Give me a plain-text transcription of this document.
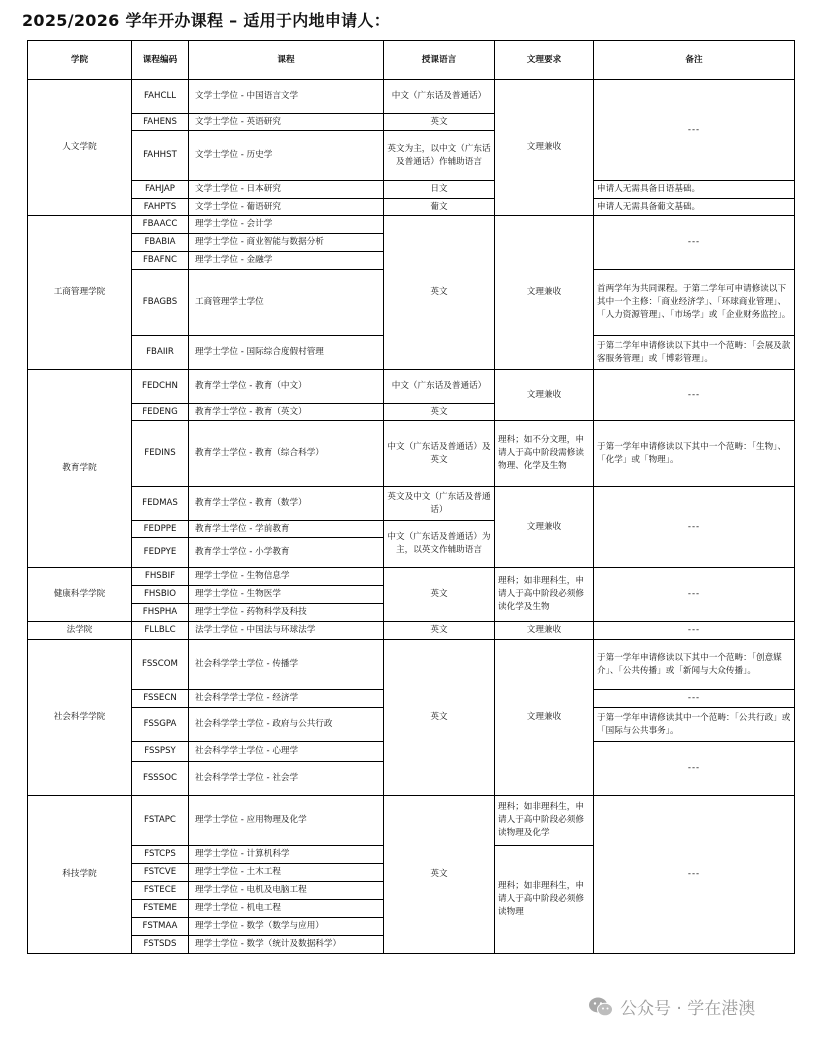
2025/2026 学年开办课程 – 适用于内地申请人：
学院	课程编码	课程	授课语言	文理要求	备注
人文学院	FAHCLL	文学士学位 - 中国语言文学	中文（广东话及普通话）	文理兼收	---
	FAHENS	文学士学位 - 英语研究	英文		
	FAHHST	文学士学位 - 历史学	英文为主，以中文（广东话及普通话）作辅助语言		
	FAHJAP	文学士学位 - 日本研究	日文		申请人无需具备日语基础。
	FAHPTS	文学士学位 - 葡语研究	葡文		申请人无需具备葡文基础。
工商管理学院	FBAACC	理学士学位 - 会计学	英文	文理兼收	---
	FBABIA	理学士学位 - 商业智能与数据分析			
	FBAFNC	理学士学位 - 金融学			
	FBAGBS	工商管理学士学位			首两学年为共同课程。于第二学年可申请修读以下其中一个主修：「商业经济学」、「环球商业管理」、「人力资源管理」、「市场学」或「企业财务监控」。
	FBAIIR	理学士学位 - 国际综合度假村管理			于第二学年申请修读以下其中一个范畴：「会展及款客服务管理」或「博彩管理」。
教育学院	FEDCHN	教育学士学位 - 教育（中文）	中文（广东话及普通话）	文理兼收	---
	FEDENG	教育学士学位 - 教育（英文）	英文		
	FEDINS	教育学士学位 - 教育（综合科学）	中文（广东话及普通话）及英文	理科；如不分文理，申请人于高中阶段需修读物理、化学及生物	于第一学年申请修读以下其中一个范畴：「生物」、「化学」或「物理」。
	FEDMAS	教育学士学位 - 教育（数学）	英文及中文（广东话及普通话）	文理兼收	---
	FEDPPE	教育学士学位 - 学前教育	中文（广东话及普通话）为主，以英文作辅助语言		
	FEDPYE	教育学士学位 - 小学教育			
健康科学学院	FHSBIF	理学士学位 - 生物信息学	英文	理科；如非理科生，申请人于高中阶段必须修读化学及生物	---
	FHSBIO	理学士学位 - 生物医学			
	FHSPHA	理学士学位 - 药物科学及科技			
法学院	FLLBLC	法学士学位 - 中国法与环球法学	英文	文理兼收	---
社会科学学院	FSSCOM	社会科学学士学位 - 传播学	英文	文理兼收	于第一学年申请修读以下其中一个范畴：「创意媒介」、「公共传播」或「新闻与大众传播」。
	FSSECN	社会科学学士学位 - 经济学			---
	FSSGPA	社会科学学士学位 - 政府与公共行政			于第一学年申请修读其中一个范畴：「公共行政」或「国际与公共事务」。
	FSSPSY	社会科学学士学位 - 心理学			---
	FSSSOC	社会科学学士学位 - 社会学			
科技学院	FSTAPC	理学士学位 - 应用物理及化学	英文	理科；如非理科生，申请人于高中阶段必须修读物理及化学	---
	FSTCPS	理学士学位 - 计算机科学		理科；如非理科生，申请人于高中阶段必须修读物理	
	FSTCVE	理学士学位 - 土木工程			
	FSTECE	理学士学位 - 电机及电脑工程			
	FSTEME	理学士学位 - 机电工程			
	FSTMAA	理学士学位 - 数学（数学与应用）			
	FSTSDS	理学士学位 - 数学（统计及数据科学）			
公众号 · 学在港澳
